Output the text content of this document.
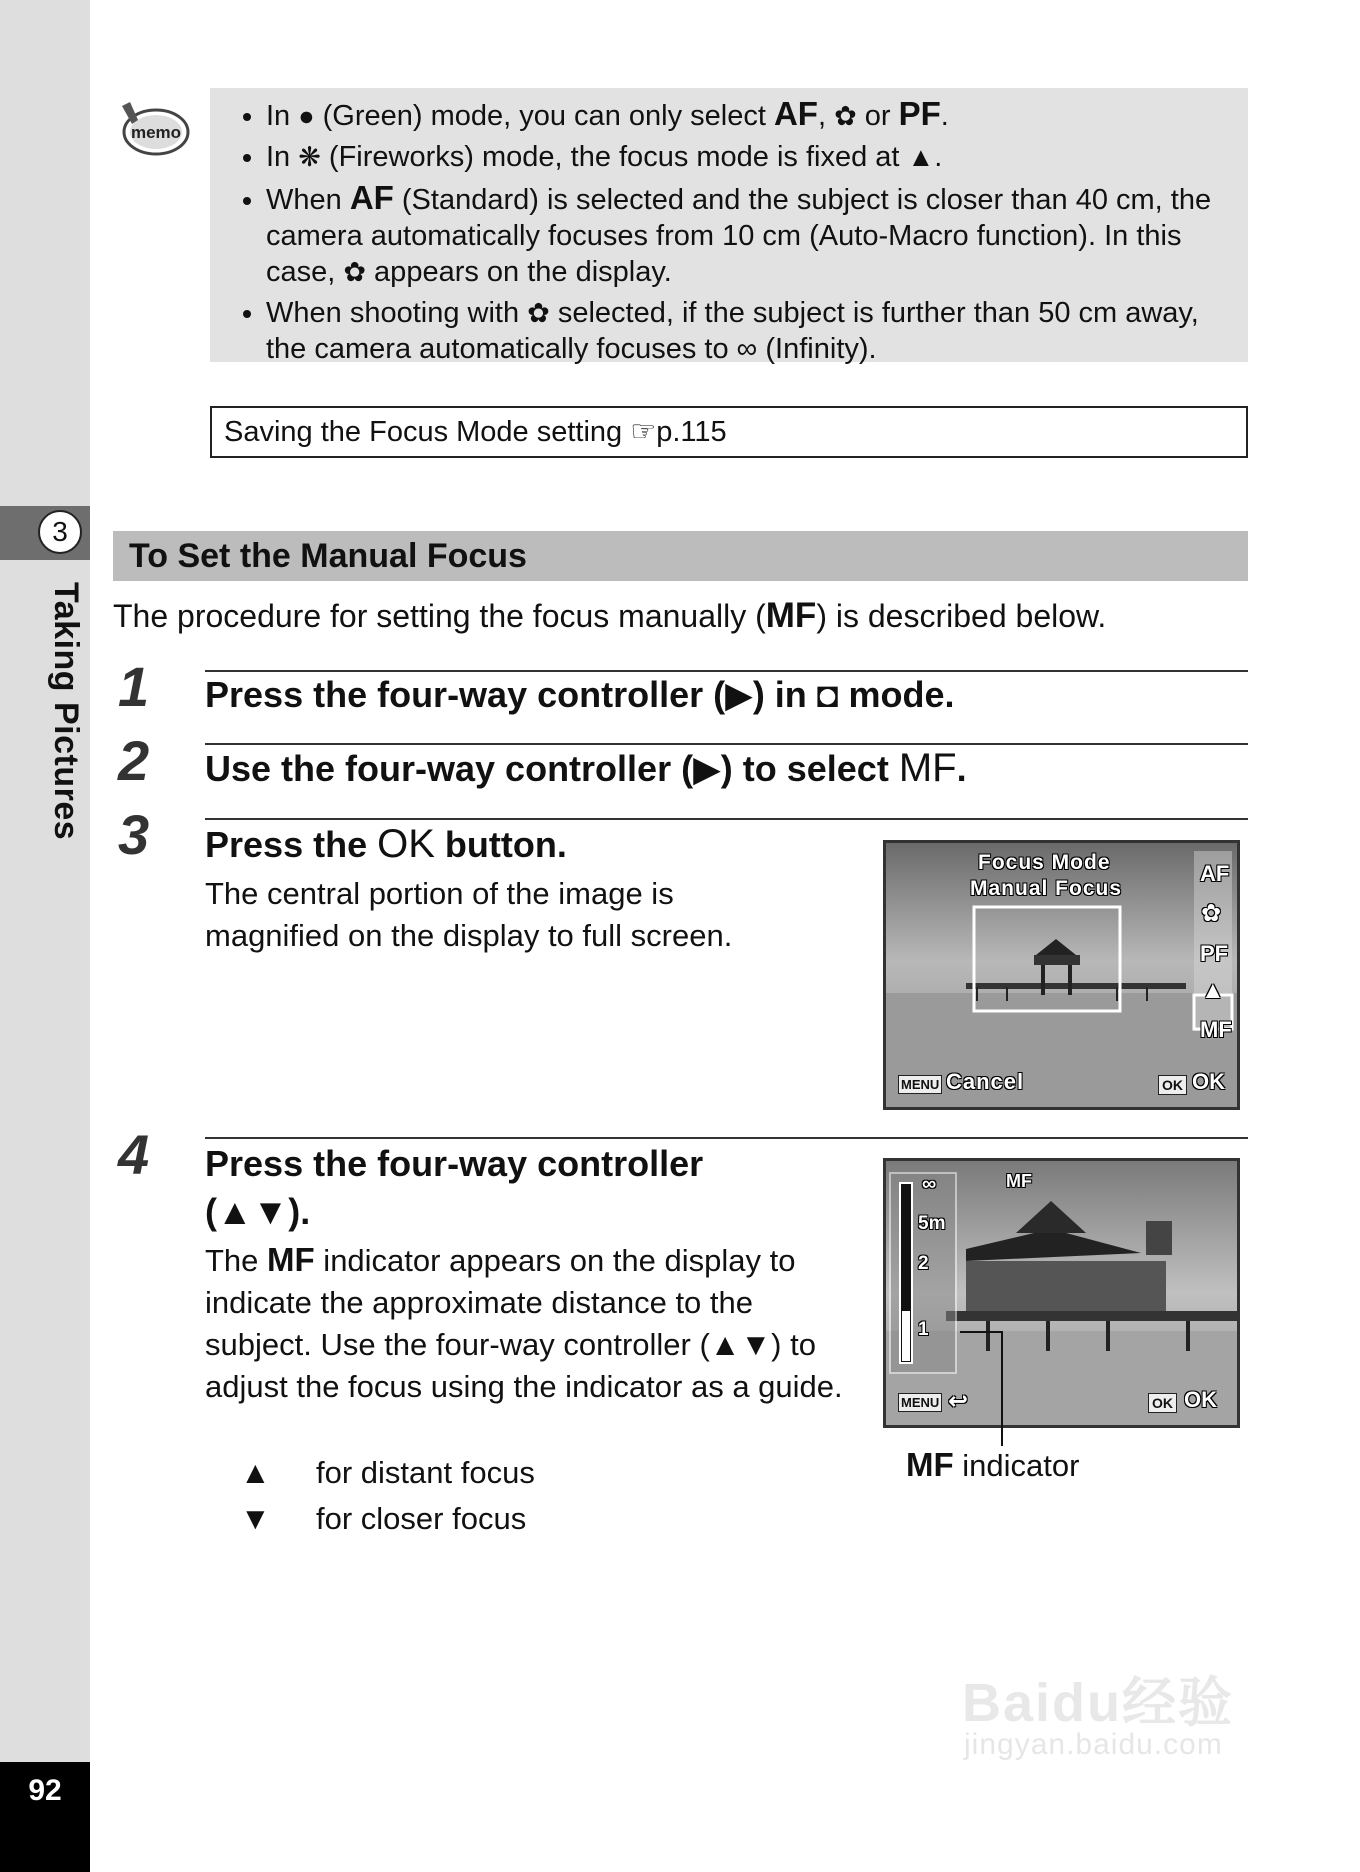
3
Taking Pictures
92
memo
• In ● (Green) mode, you can only select AF, ✿ or PF.
• In ❋ (Fireworks) mode, the focus mode is fixed at ▲.
• When AF (Standard) is selected and the subject is closer than 40 cm, the camera automatically focuses from 10 cm (Auto-Macro function). In this case, ✿ appears on the display.
• When shooting with ✿ selected, if the subject is further than 50 cm away, the camera automatically focuses to ∞ (Infinity).
Saving the Focus Mode setting ☞p.115
To Set the Manual Focus
The procedure for setting the focus manually (MF) is described below.
1 Press the four-way controller (▶) in ◘ mode.
2 Use the four-way controller (▶) to select MF.
3 Press the OK button.
The central portion of the image is magnified on the display to full screen.
Focus Mode
Manual Focus
AF
✿
PF
▲
MF
MENU Cancel	OK OK
4 Press the four-way controller
(▲▼).
The MF indicator appears on the display to indicate the approximate distance to the subject. Use the four-way controller (▲▼) to adjust the focus using the indicator as a guide.
▲ for distant focus
▼ for closer focus
MF
∞
5m
2
1
MENU ↩	OK OK
MF indicator
Baidu经验
jingyan.baidu.com
